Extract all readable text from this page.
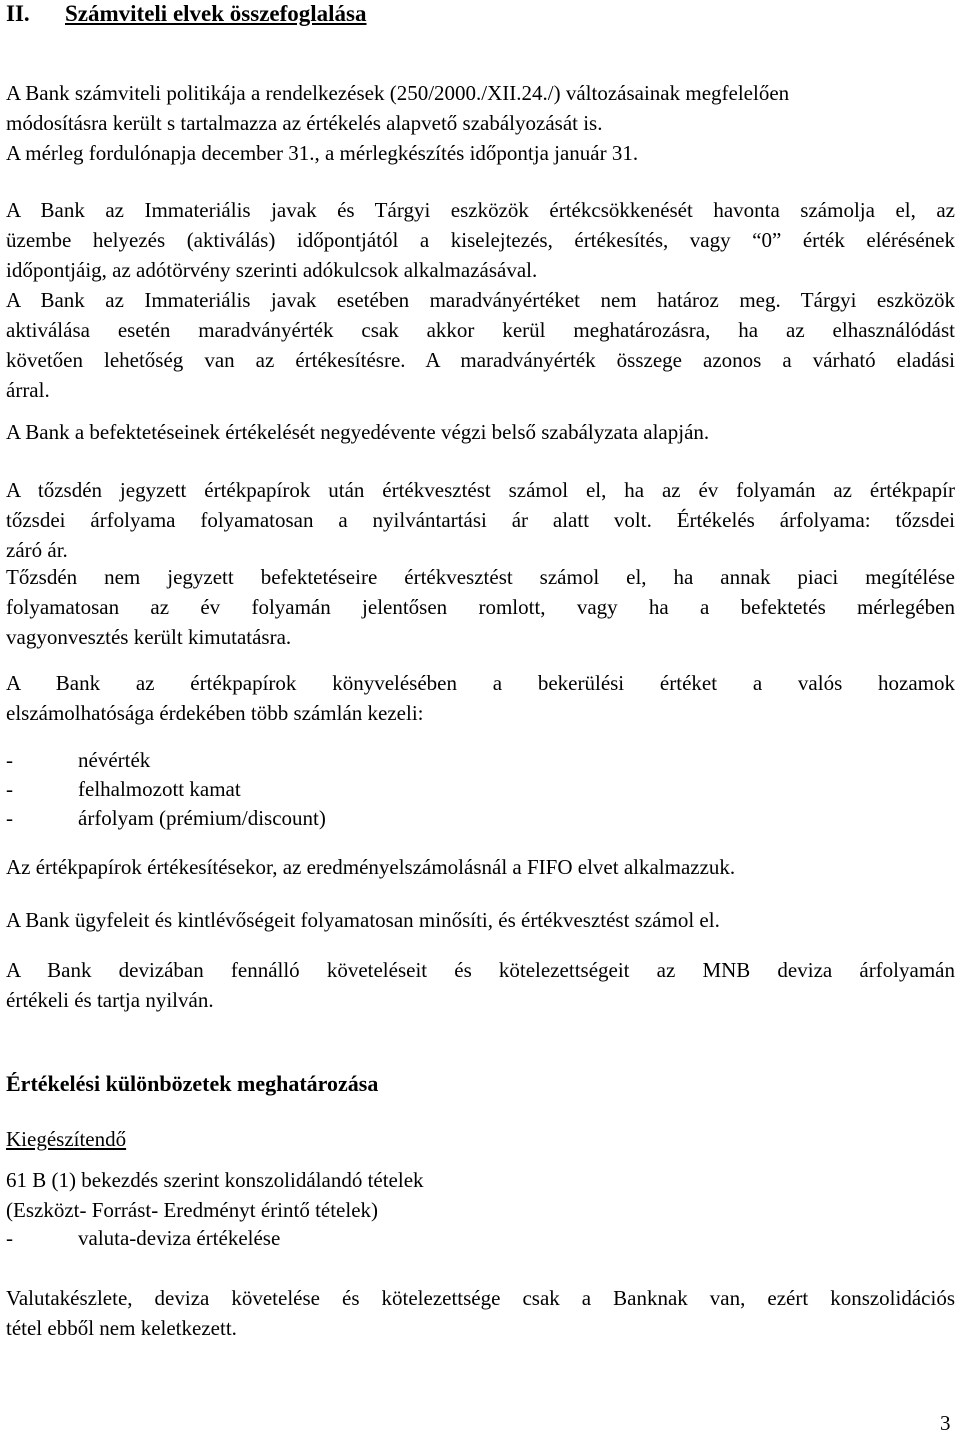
II. Számviteli elvek összefoglalása
A Bank számviteli politikája a rendelkezések (250/2000./XII.24./) változásainak megfelelően
módosításra került s tartalmazza az értékelés alapvető szabályozását is.
A mérleg fordulónapja december 31., a mérlegkészítés időpontja január 31.
A Bank az Immateriális javak és Tárgyi eszközök értékcsökkenését havonta számolja el, az
üzembe helyezés (aktiválás) időpontjától a kiselejtezés, értékesítés, vagy “0” érték elérésének
időpontjáig, az adótörvény szerinti adókulcsok alkalmazásával.
A Bank az Immateriális javak esetében maradványértéket nem határoz meg. Tárgyi eszközök
aktiválása esetén maradványérték csak akkor kerül meghatározásra, ha az elhasználódást
követően lehetőség van az értékesítésre. A maradványérték összege azonos a várható eladási
árral.
A Bank a befektetéseinek értékelését negyedévente végzi belső szabályzata alapján.
A tőzsdén jegyzett értékpapírok után értékvesztést számol el, ha az év folyamán az értékpapír
tőzsdei árfolyama folyamatosan a nyilvántartási ár alatt volt. Értékelés árfolyama: tőzsdei
záró ár.
Tőzsdén nem jegyzett befektetéseire értékvesztést számol el, ha annak piaci megítélése
folyamatosan az év folyamán jelentősen romlott, vagy ha a befektetés mérlegében
vagyonvesztés került kimutatásra.
A Bank az értékpapírok könyvelésében a bekerülési értéket a valós hozamok
elszámolhatósága érdekében több számlán kezeli:
-	névérték
-	felhalmozott kamat
-	árfolyam (prémium/discount)
Az értékpapírok értékesítésekor, az eredményelszámolásnál a FIFO elvet alkalmazzuk.
A Bank ügyfeleit és kintlévőségeit folyamatosan minősíti, és értékvesztést számol el.
A Bank devizában fennálló követeléseit és kötelezettségeit az MNB deviza árfolyamán
értékeli és tartja nyilván.
Értékelési különbözetek meghatározása
Kiegészítendő
61 B (1) bekezdés szerint konszolidálandó tételek
(Eszközt- Forrást- Eredményt érintő tételek)
-	valuta-deviza értékelése
Valutakészlete, deviza követelése és kötelezettsége csak a Banknak van, ezért konszolidációs
tétel ebből nem keletkezett.
3
